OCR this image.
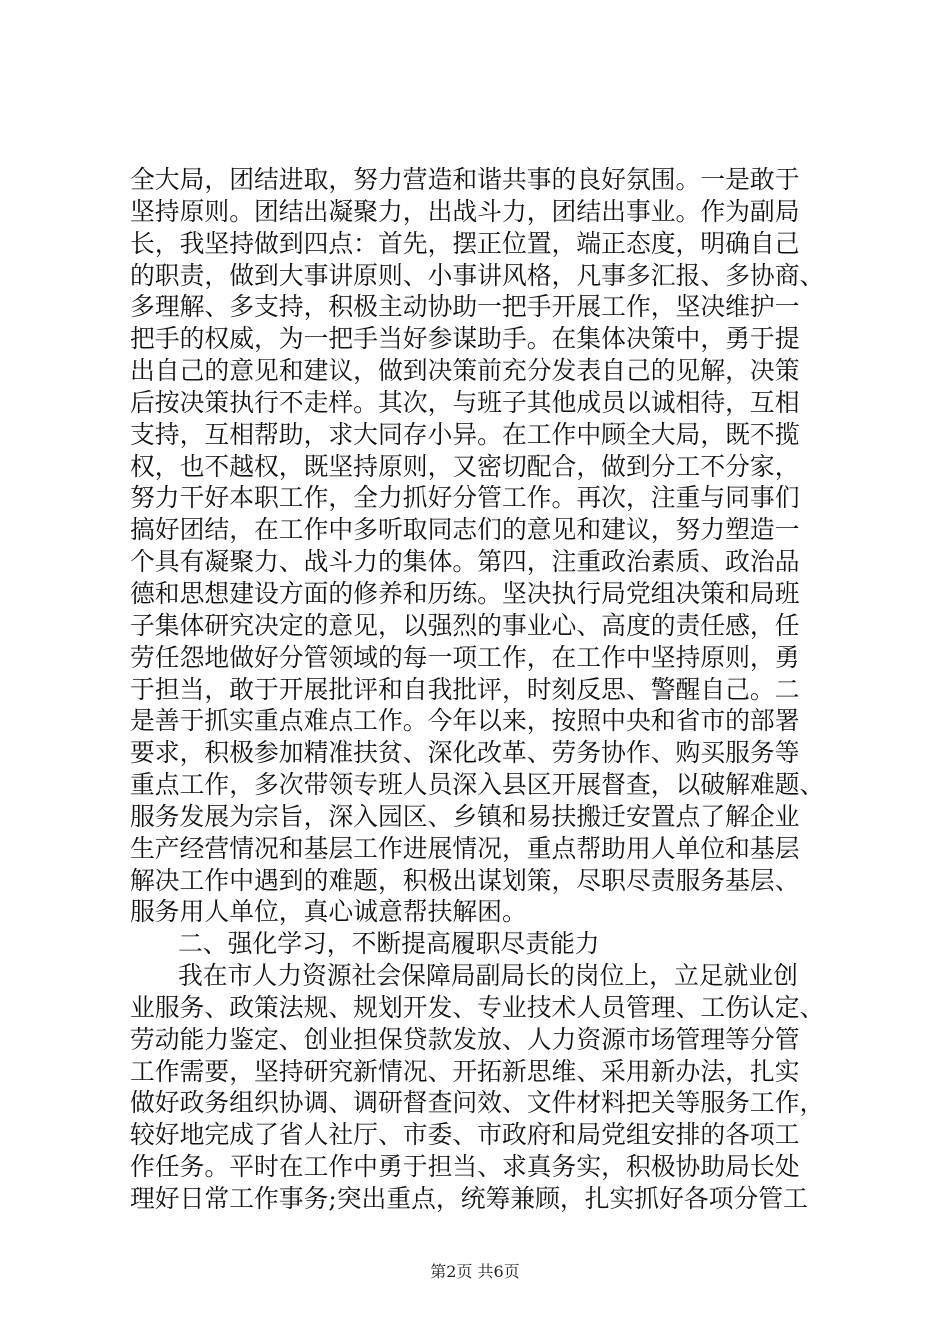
全大局，团结进取，努力营造和谐共事的良好氛围。一是敢于
坚持原则。团结出凝聚力，出战斗力，团结出事业。作为副局
长，我坚持做到四点：首先，摆正位置，端正态度，明确自己
的职责，做到大事讲原则、小事讲风格，凡事多汇报、多协商、
多理解、多支持，积极主动协助一把手开展工作，坚决维护一
把手的权威，为一把手当好参谋助手。在集体决策中，勇于提
出自己的意见和建议，做到决策前充分发表自己的见解，决策
后按决策执行不走样。其次，与班子其他成员以诚相待，互相
支持，互相帮助，求大同存小异。在工作中顾全大局，既不揽
权，也不越权，既坚持原则，又密切配合，做到分工不分家，
努力干好本职工作，全力抓好分管工作。再次，注重与同事们
搞好团结，在工作中多听取同志们的意见和建议，努力塑造一
个具有凝聚力、战斗力的集体。第四，注重政治素质、政治品
德和思想建设方面的修养和历练。坚决执行局党组决策和局班
子集体研究决定的意见，以强烈的事业心、高度的责任感，任
劳任怨地做好分管领域的每一项工作，在工作中坚持原则，勇
于担当，敢于开展批评和自我批评，时刻反思、警醒自己。二
是善于抓实重点难点工作。今年以来，按照中央和省市的部署
要求，积极参加精准扶贫、深化改革、劳务协作、购买服务等
重点工作，多次带领专班人员深入县区开展督查，以破解难题、
服务发展为宗旨，深入园区、乡镇和易扶搬迁安置点了解企业
生产经营情况和基层工作进展情况，重点帮助用人单位和基层
解决工作中遇到的难题，积极出谋划策，尽职尽责服务基层、
服务用人单位，真心诚意帮扶解困。
二、强化学习，不断提高履职尽责能力
我在市人力资源社会保障局副局长的岗位上，立足就业创
业服务、政策法规、规划开发、专业技术人员管理、工伤认定、
劳动能力鉴定、创业担保贷款发放、人力资源市场管理等分管
工作需要，坚持研究新情况、开拓新思维、采用新办法，扎实
做好政务组织协调、调研督查问效、文件材料把关等服务工作，
较好地完成了省人社厅、市委、市政府和局党组安排的各项工
作任务。平时在工作中勇于担当、求真务实，积极协助局长处
理好日常工作事务;突出重点，统筹兼顾，扎实抓好各项分管工
第2页 共6页
